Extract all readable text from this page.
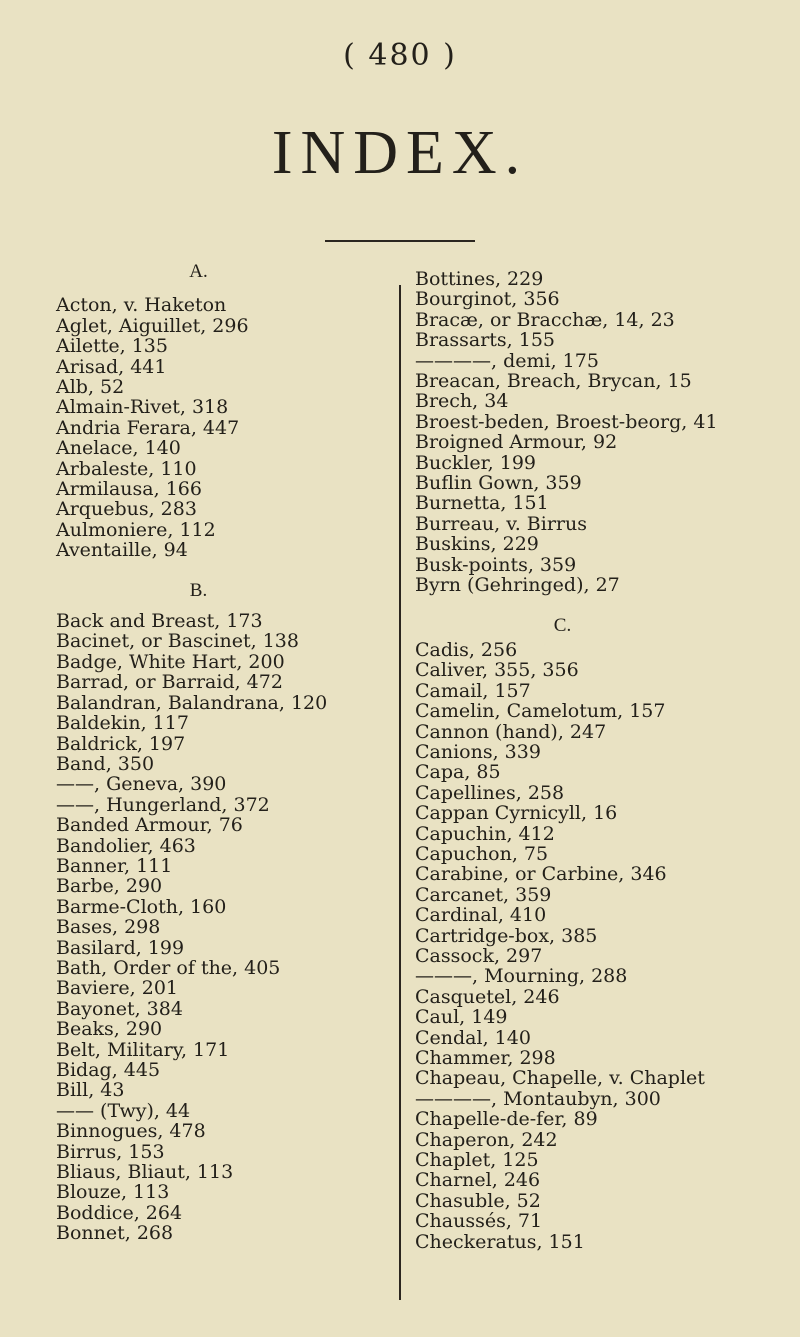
( 480 )
INDEX.
A.
Acton, v. Haketon
Aglet, Aiguillet, 296
Ailette, 135
Arisad, 441
Alb, 52
Almain-Rivet, 318
Andria Ferara, 447
Anelace, 140
Arbaleste, 110
Armilausa, 166
Arquebus, 283
Aulmoniere, 112
Aventaille, 94
B.
Back and Breast, 173
Bacinet, or Bascinet, 138
Badge, White Hart, 200
Barrad, or Barraid, 472
Balandran, Balandrana, 120
Baldekin, 117
Baldrick, 197
Band, 350
——, Geneva, 390
——, Hungerland, 372
Banded Armour, 76
Bandolier, 463
Banner, 111
Barbe, 290
Barme-Cloth, 160
Bases, 298
Basilard, 199
Bath, Order of the, 405
Baviere, 201
Bayonet, 384
Beaks, 290
Belt, Military, 171
Bidag, 445
Bill, 43
—— (Twy), 44
Binnogues, 478
Birrus, 153
Bliaus, Bliaut, 113
Blouze, 113
Boddice, 264
Bonnet, 268
Bottines, 229
Bourginot, 356
Bracæ, or Bracchæ, 14, 23
Brassarts, 155
————, demi, 175
Breacan, Breach, Brycan, 15
Brech, 34
Broest-beden, Broest-beorg, 41
Broigned Armour, 92
Buckler, 199
Buflin Gown, 359
Burnetta, 151
Burreau, v. Birrus
Buskins, 229
Busk-points, 359
Byrn (Gehringed), 27
C.
Cadis, 256
Caliver, 355, 356
Camail, 157
Camelin, Camelotum, 157
Cannon (hand), 247
Canions, 339
Capa, 85
Capellines, 258
Cappan Cyrnicyll, 16
Capuchin, 412
Capuchon, 75
Carabine, or Carbine, 346
Carcanet, 359
Cardinal, 410
Cartridge-box, 385
Cassock, 297
———, Mourning, 288
Casquetel, 246
Caul, 149
Cendal, 140
Chammer, 298
Chapeau, Chapelle, v. Chaplet
————, Montaubyn, 300
Chapelle-de-fer, 89
Chaperon, 242
Chaplet, 125
Charnel, 246
Chasuble, 52
Chaussés, 71
Checkeratus, 151
